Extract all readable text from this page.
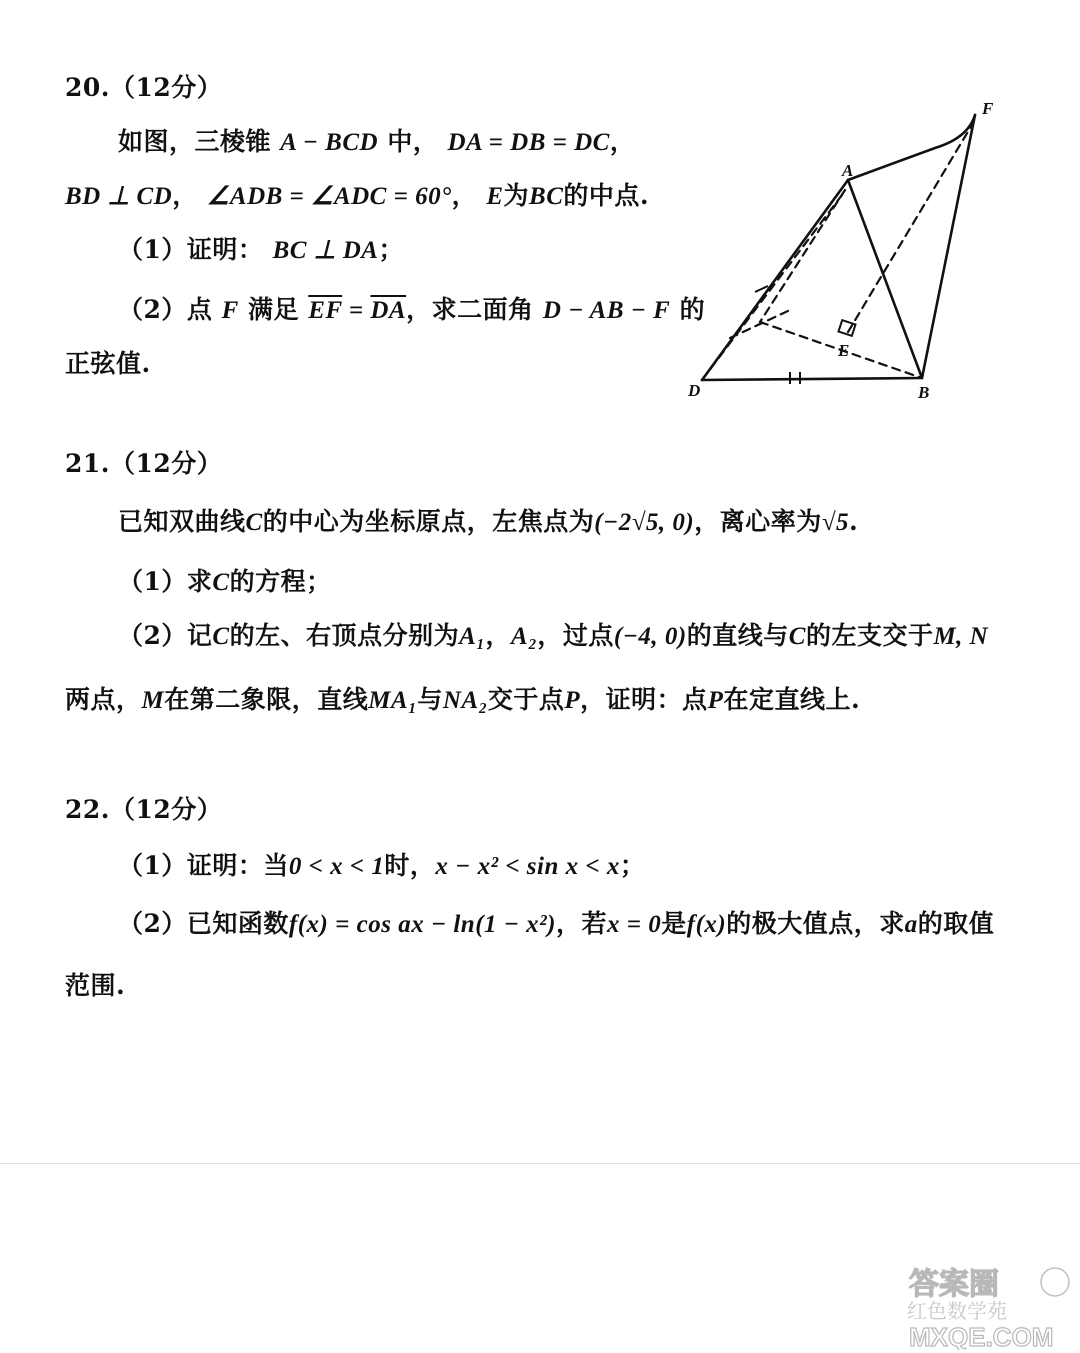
20.（12分）
如图，三棱锥 A − BCD 中， DA = DB = DC，
BD ⊥ CD， ∠ADB = ∠ADC = 60°， E为BC的中点.
（1）证明： BC ⊥ DA；
（2）点 F 满足 $\overline{EF} = \overline{DA}$，求二面角 D − AB − F 的
正弦值.
A
F
D	B
E
21.（12分）
已知双曲线C的中心为坐标原点，左焦点为(−2√5, 0)，离心率为√5.
（1）求C的方程；
（2）记C的左、右顶点分别为A₁，A₂，过点(−4, 0)的直线与C的左支交于M, N
两点，M在第二象限，直线MA₁与NA₂交于点P，证明：点P在定直线上.
22.（12分）
（1）证明：当0 < x < 1时，x − x² < sin x < x；
（2）已知函数f(x) = cos ax − ln(1 − x²)，若x = 0是f(x)的极大值点，求a的取值
范围.
答案圈
红色数学苑
MXQE.COM
